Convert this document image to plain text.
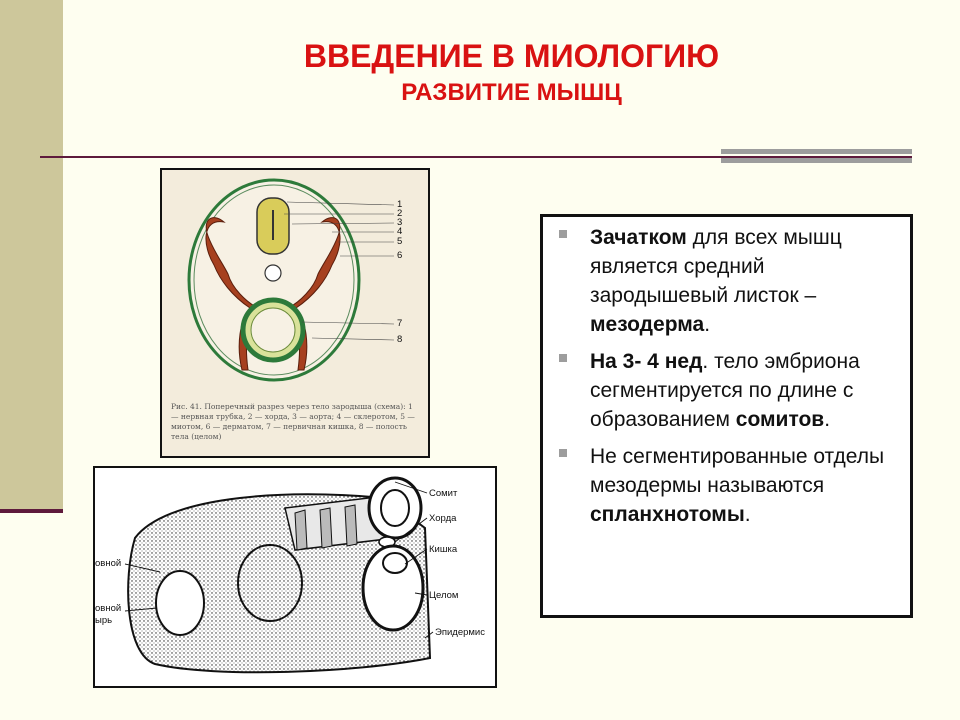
ВВЕДЕНИЕ В МИОЛОГИЮ
РАЗВИТИЕ МЫШЦ
1
2
3
4
5
6
7
8
Рис. 41. Поперечный разрез через тело зародыша (схема): 1 — нервная трубка, 2 — хорда, 3 — аорта; 4 — склеротом, 5 — миотом, 6 — дерматом, 7 — первичная кишка, 8 — полость тела (целом)
Сомит
Хорда
Кишка
Целом
Эпидермис
овной
овной
ырь
Зачатком для всех мышц является средний зародышевый листок – мезодерма.
На 3- 4 нед. тело эмбриона сегментируется по длине с образованием сомитов.
Не сегментированные отделы мезодермы называются спланхнотомы.
